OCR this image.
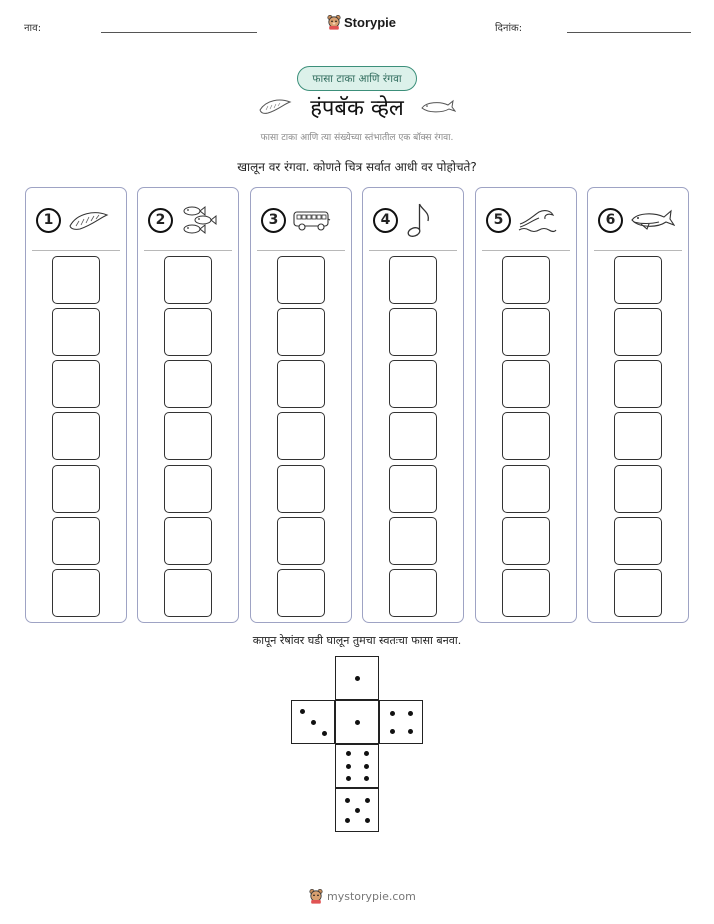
नाव:	Storypie	दिनांक:
फासा टाका आणि रंगवा
हंपबॅक व्हेल
फासा टाका आणि त्या संख्येच्या स्तंभातील एक बॉक्स रंगवा.
खालून वर रंगवा. कोणते चित्र सर्वात आधी वर पोहोचते?
1	2	3	4	5	6
कापून रेषांवर घडी घालून तुमचा स्वतःचा फासा बनवा.
mystorypie.com
